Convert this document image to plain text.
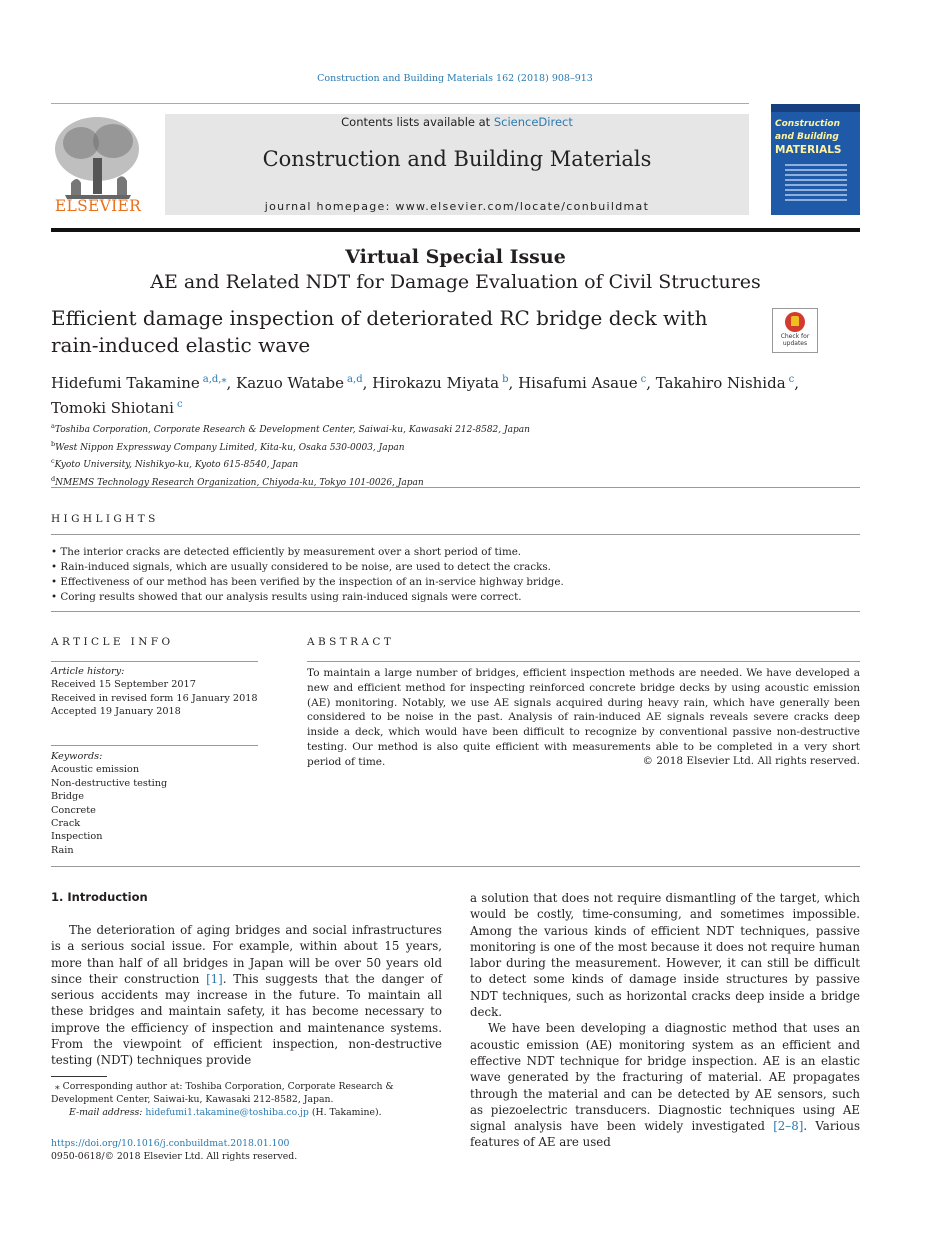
Construction and Building Materials 162 (2018) 908–913
ELSEVIER
Contents lists available at ScienceDirect
Construction and Building Materials
journal homepage: www.elsevier.com/locate/conbuildmat
Construction and Building
MATERIALS
Virtual Special Issue
AE and Related NDT for Damage Evaluation of Civil Structures
Efficient damage inspection of deteriorated RC bridge deck with rain-induced elastic wave	Check for updates
Hidefumi Takamine  $^{a,d,⁎}$, Kazuo Watabe  $^{a,d}$, Hirokazu Miyata  $^b$, Hisafumi Asaue  $^c$, Takahiro Nishida  $^c$,
Tomoki Shiotani  $^c$
$^a$Toshiba Corporation, Corporate Research & Development Center, Saiwai-ku, Kawasaki 212-8582, Japan
$^b$West Nippon Expressway Company Limited, Kita-ku, Osaka 530-0003, Japan
$^c$Kyoto University, Nishikyo-ku, Kyoto 615-8540, Japan
$^d$NMEMS Technology Research Organization, Chiyoda-ku, Tokyo 101-0026, Japan
HIGHLIGHTS
• The interior cracks are detected efficiently by measurement over a short period of time.
• Rain-induced signals, which are usually considered to be noise, are used to detect the cracks.
• Effectiveness of our method has been verified by the inspection of an in-service highway bridge.
• Coring results showed that our analysis results using rain-induced signals were correct.
ARTICLE INFO
Article history:
Received 15 September 2017
Received in revised form 16 January 2018
Accepted 19 January 2018
Keywords:
Acoustic emission
Non-destructive testing
Bridge
Concrete
Crack
Inspection
Rain
ABSTRACT
To maintain a large number of bridges, efficient inspection methods are needed. We have developed a new and efficient method for inspecting reinforced concrete bridge decks by using acoustic emission (AE) monitoring. Notably, we use AE signals acquired during heavy rain, which have generally been considered to be noise in the past. Analysis of rain-induced AE signals reveals severe cracks deep inside a deck, which would have been difficult to recognize by conventional passive non-destructive testing. Our method is also quite efficient with measurements able to be completed in a very short period of time.	© 2018 Elsevier Ltd. All rights reserved.
1. Introduction
The deterioration of aging bridges and social infrastructures is a serious social issue. For example, within about 15 years, more than half of all bridges in Japan will be over 50 years old since their construction [1]. This suggests that the danger of serious accidents may increase in the future. To maintain all these bridges and maintain safety, it has become necessary to improve the efficiency of inspection and maintenance systems. From the viewpoint of efficient inspection, non-destructive testing (NDT) techniques provide

a solution that does not require dismantling of the target, which would be costly, time-consuming, and sometimes impossible. Among the various kinds of efficient NDT techniques, passive monitoring is one of the most because it does not require human labor during the measurement. However, it can still be difficult to detect some kinds of damage inside structures by passive NDT techniques, such as horizontal cracks deep inside a bridge deck.

We have been developing a diagnostic method that uses an acoustic emission (AE) monitoring system as an efficient and effective NDT technique for bridge inspection. AE is an elastic wave generated by the fracturing of material. AE propagates through the material and can be detected by AE sensors, such as piezoelectric transducers. Diagnostic techniques using AE signal analysis have been widely investigated [2–8]. Various features of AE are used

⁎ Corresponding author at: Toshiba Corporation, Corporate Research & Development Center, Saiwai-ku, Kawasaki 212-8582, Japan.
E-mail address: hidefumi1.takamine@toshiba.co.jp (H. Takamine).
https://doi.org/10.1016/j.conbuildmat.2018.01.100
0950-0618/© 2018 Elsevier Ltd. All rights reserved.
